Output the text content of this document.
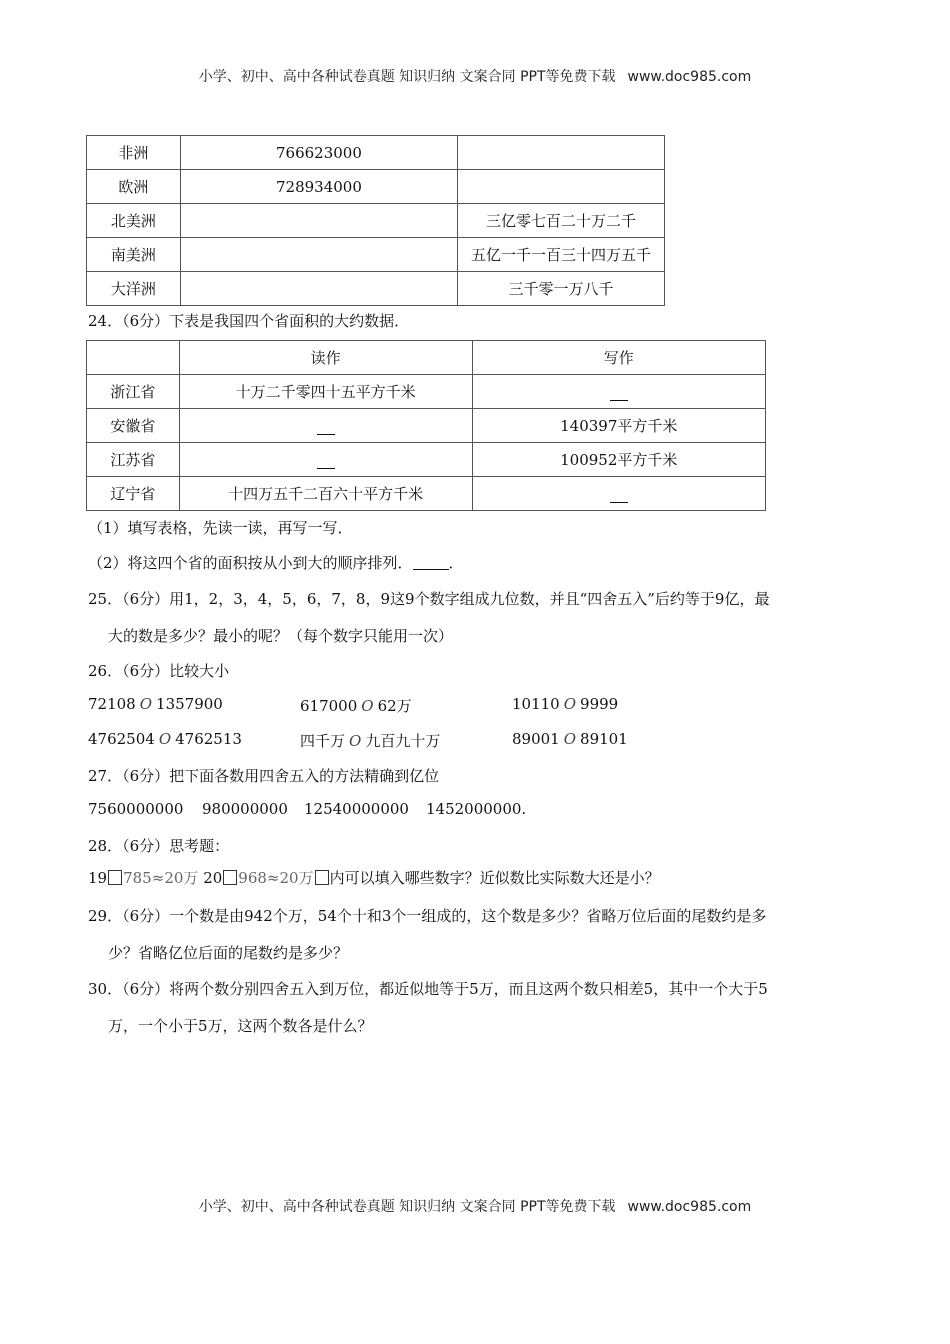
小学、初中、高中各种试卷真题 知识归纳 文案合同 PPT等免费下载 www.doc985.com
非洲	766623000	
欧洲	728934000	
北美洲		三亿零七百二十万二千
南美洲		五亿一千一百三十四万五千
大洋洲		三千零一万八千
24．（6分）下表是我国四个省面积的大约数据．
	读作	写作
浙江省	十万二千零四十五平方千米	
安徽省		140397平方千米
江苏省		100952平方千米
辽宁省	十四万五千二百六十平方千米	
（1）填写表格，先读一读，再写一写．
（2）将这四个省的面积按从小到大的顺序排列． ．
25．（6分）用1，2，3，4，5，6，7，8，9这9个数字组成九位数，并且“四舍五入”后约等于9亿，最
大的数是多少？最小的呢？（每个数字只能用一次）
26．（6分）比较大小
72108 O 1357900	617000 O 62万	10110 O 9999
4762504 O 4762513	四千万 O 九百九十万	89001 O 89101
27．（6分）把下面各数用四舍五入的方法精确到亿位
7560000000 980000000 12540000000 1452000000.
28．（6分）思考题：
19 785≈20万 20 968≈20万 内可以填入哪些数字？近似数比实际数大还是小？
29．（6分）一个数是由942个万，54个十和3个一组成的，这个数是多少？省略万位后面的尾数约是多
少？省略亿位后面的尾数约是多少？
30．（6分）将两个数分别四舍五入到万位，都近似地等于5万，而且这两个数只相差5，其中一个大于5
万，一个小于5万，这两个数各是什么？
小学、初中、高中各种试卷真题 知识归纳 文案合同 PPT等免费下载 www.doc985.com
